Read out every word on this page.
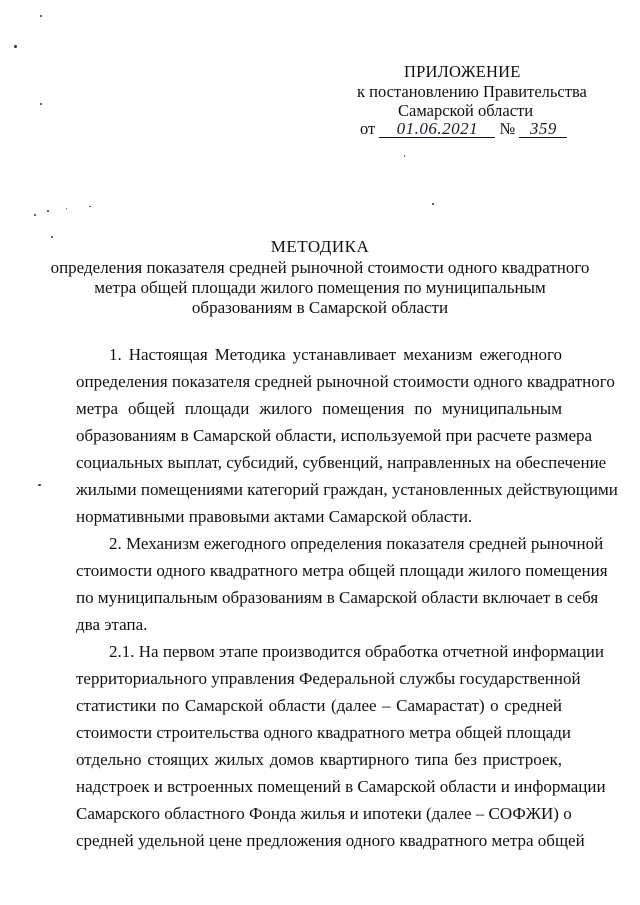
ПРИЛОЖЕНИЕ
к постановлению Правительства
Самарской области
от 01.06.2021 № 359
МЕТОДИКА
определения показателя средней рыночной стоимости одного квадратного
метра общей площади жилого помещения по муниципальным
образованиям в Самарской области
1. Настоящая Методика устанавливает механизм ежегодного
определения показателя средней рыночной стоимости одного квадратного
метра общей площади жилого помещения по муниципальным
образованиям в Самарской области, используемой при расчете размера
социальных выплат, субсидий, субвенций, направленных на обеспечение
жилыми помещениями категорий граждан, установленных действующими
нормативными правовыми актами Самарской области.
2. Механизм ежегодного определения показателя средней рыночной
стоимости одного квадратного метра общей площади жилого помещения
по муниципальным образованиям в Самарской области включает в себя
два этапа.
2.1. На первом этапе производится обработка отчетной информации
территориального управления Федеральной службы государственной
статистики по Самарской области (далее – Самарастат) о средней
стоимости строительства одного квадратного метра общей площади
отдельно стоящих жилых домов квартирного типа без пристроек,
надстроек и встроенных помещений в Самарской области и информации
Самарского областного Фонда жилья и ипотеки (далее – СОФЖИ) о
средней удельной цене предложения одного квадратного метра общей
